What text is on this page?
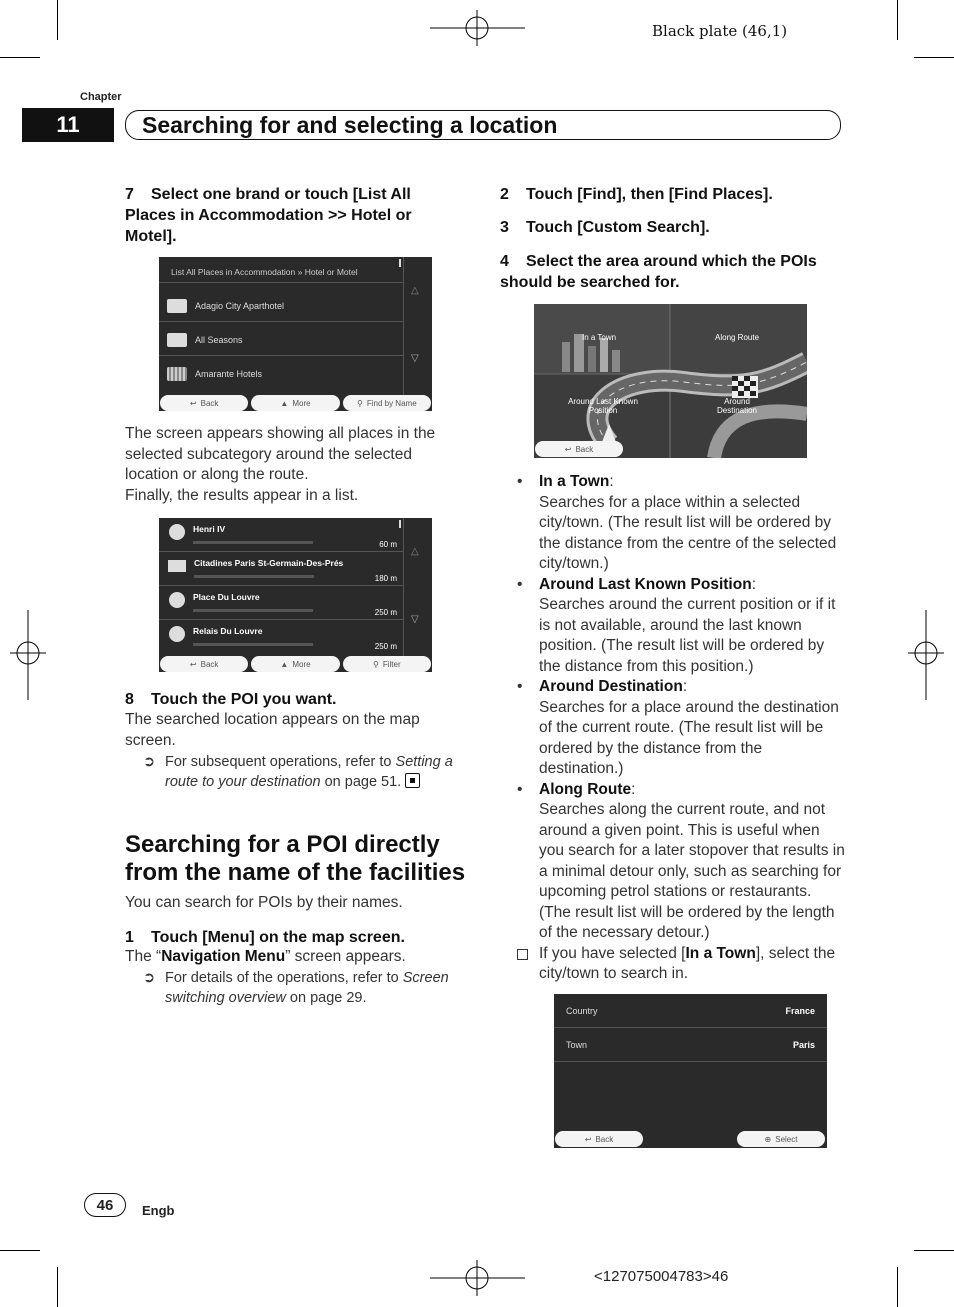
Black plate (46,1)
Chapter
11	Searching for and selecting a location
7 Select one brand or touch [List All Places in Accommodation >> Hotel or Motel].
List All Places in Accommodation » Hotel or Motel
Adagio City Aparthotel
All Seasons
Amarante Hotels
△
▽
↩ Back	▲ More	⚲ Find by Name
The screen appears showing all places in the selected subcategory around the selected location or along the route.
Finally, the results appear in a list.
Henri IV
60 m
Citadines Paris St-Germain-Des-Prés
180 m
Place Du Louvre
250 m
Relais Du Louvre
250 m
△
▽
↩ Back	▲ More	⚲ Filter
8 Touch the POI you want.
The searched location appears on the map screen.
➲ For subsequent operations, refer to Setting a route to your destination on page 51.
Searching for a POI directly from the name of the facilities
You can search for POIs by their names.
1 Touch [Menu] on the map screen.
The “Navigation Menu” screen appears.
➲ For details of the operations, refer to Screen switching overview on page 29.
2 Touch [Find], then [Find Places].
3 Touch [Custom Search].
4 Select the area around which the POIs should be searched for.
In a Town	Along Route
Around Last Known Position
Around Destination
↩ Back
• In a Town:
Searches for a place within a selected city/town. (The result list will be ordered by the distance from the centre of the selected city/town.)
• Around Last Known Position:
Searches around the current position or if it is not available, around the last known position. (The result list will be ordered by the distance from this position.)
• Around Destination:
Searches for a place around the destination of the current route. (The result list will be ordered by the distance from the destination.)
• Along Route:
Searches along the current route, and not around a given point. This is useful when you search for a later stopover that results in a minimal detour only, such as searching for upcoming petrol stations or restaurants. (The result list will be ordered by the length of the necessary detour.)
If you have selected [In a Town], select the city/town to search in.
Country	France
Town	Paris
↩ Back	⊕ Select
46 Engb
<127075004783>46
